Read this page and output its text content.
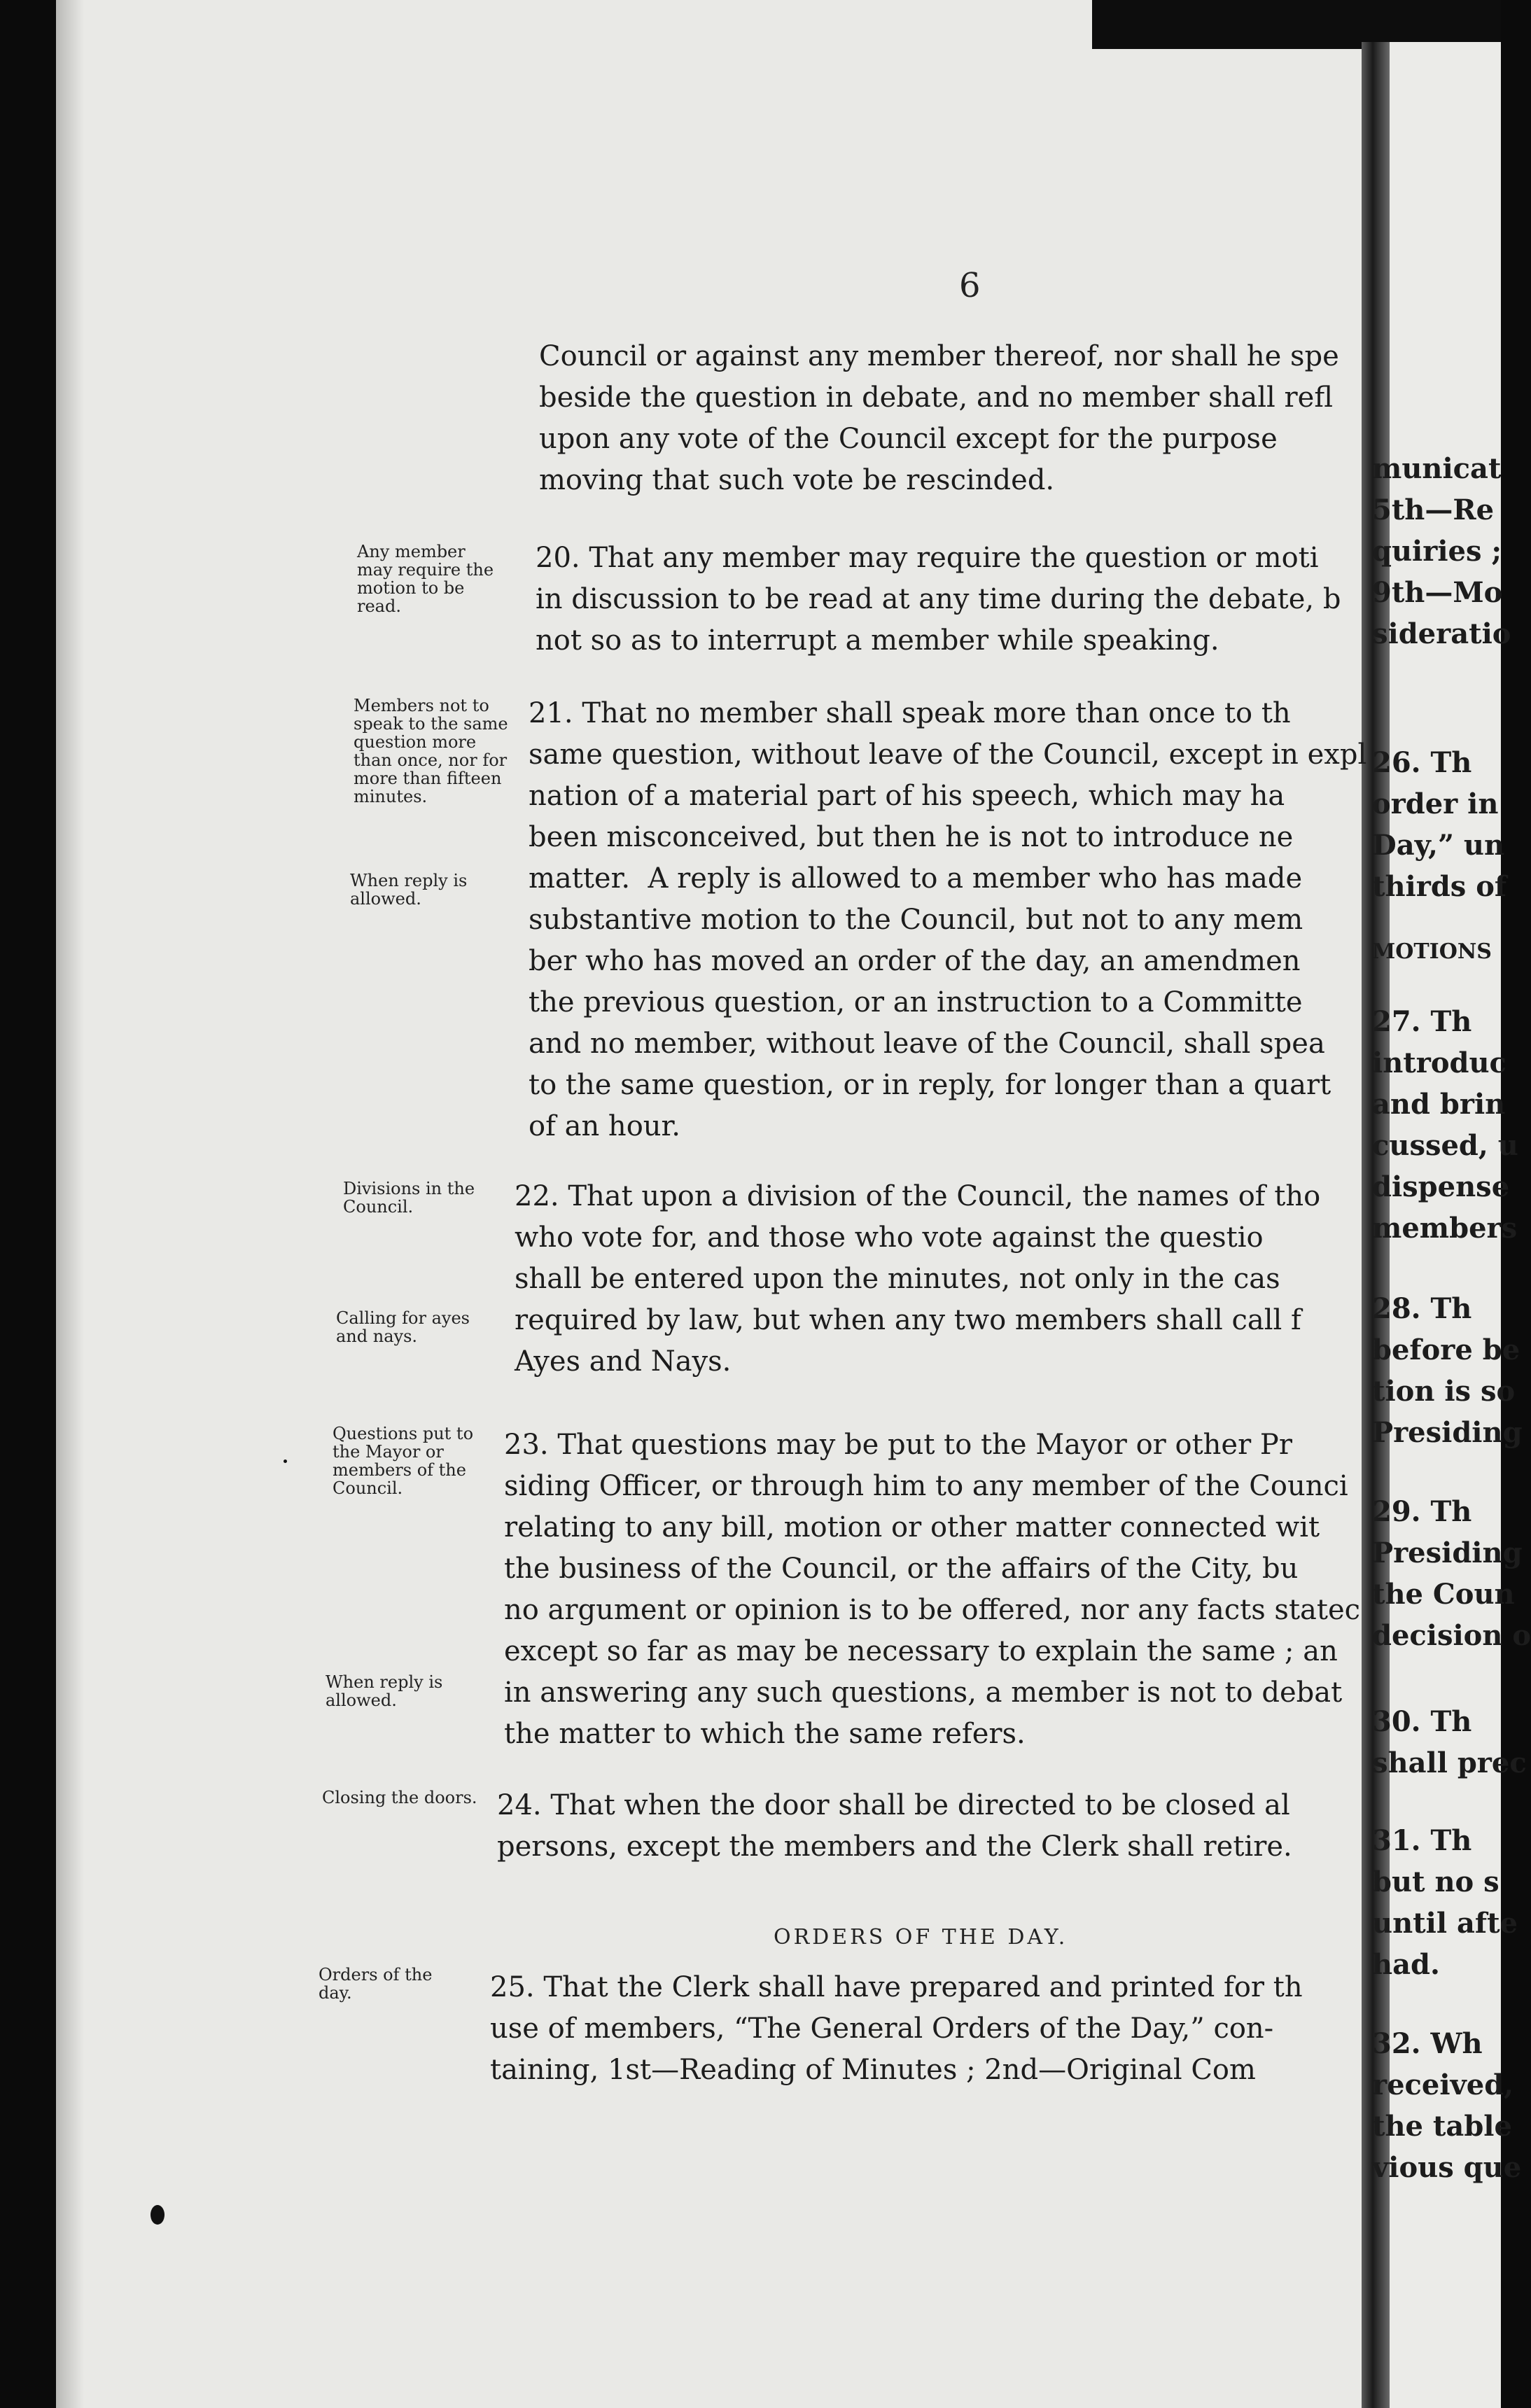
6

Council or against any member thereof, nor shall he spe
beside the question in debate, and no member shall refl
upon any vote of the Council except for the purpose
moving that such vote be rescinded.

20. That any member may require the question or moti
in discussion to be read at any time during the debate, b
not so as to interrupt a member while speaking.

21. That no member shall speak more than once to th
same question, without leave of the Council, except in expl
nation of a material part of his speech, which may ha
been misconceived, but then he is not to introduce ne
matter.  A reply is allowed to a member who has made
substantive motion to the Council, but not to any mem
ber who has moved an order of the day, an amendmen
the previous question, or an instruction to a Committe
and no member, without leave of the Council, shall spea
to the same question, or in reply, for longer than a quart
of an hour.

22. That upon a division of the Council, the names of tho
who vote for, and those who vote against the questio
shall be entered upon the minutes, not only in the cas
required by law, but when any two members shall call f
Ayes and Nays.

23. That questions may be put to the Mayor or other Pr
siding Officer, or through him to any member of the Counci
relating to any bill, motion or other matter connected wit
the business of the Council, or the affairs of the City, bu
no argument or opinion is to be offered, nor any facts statec
except so far as may be necessary to explain the same ; an
in answering any such questions, a member is not to debat
the matter to which the same refers.

24. That when the door shall be directed to be closed al
persons, except the members and the Clerk shall retire.

ORDERS OF THE DAY.

25. That the Clerk shall have prepared and printed for th
use of members, “The General Orders of the Day,” con-
taining, 1st—Reading of Minutes ; 2nd—Original Com

Any member
may require the
motion to be
read.

Members not to
speak to the same
question more
than once, nor for
more than fifteen
minutes.

When reply is
allowed.

Divisions in the
Council.

Calling for ayes
and nays.

Questions put to
the Mayor or
members of the
Council.

When reply is
allowed.

Closing the doors.

Orders of the
day.

municat
5th—Re
quiries ;
9th—Mo
sideratio

26. Th
order in
Day,” un
thirds of

MOTIONS

27. Th
introduc
and brin
cussed, u
dispense
members

28. Th
before be
tion is so
Presiding

29. Th
Presiding
the Coun
decision o

30. Th
shall prec

31. Th
but no s
until afte
had.

32. Wh
received,
the table
vious que
